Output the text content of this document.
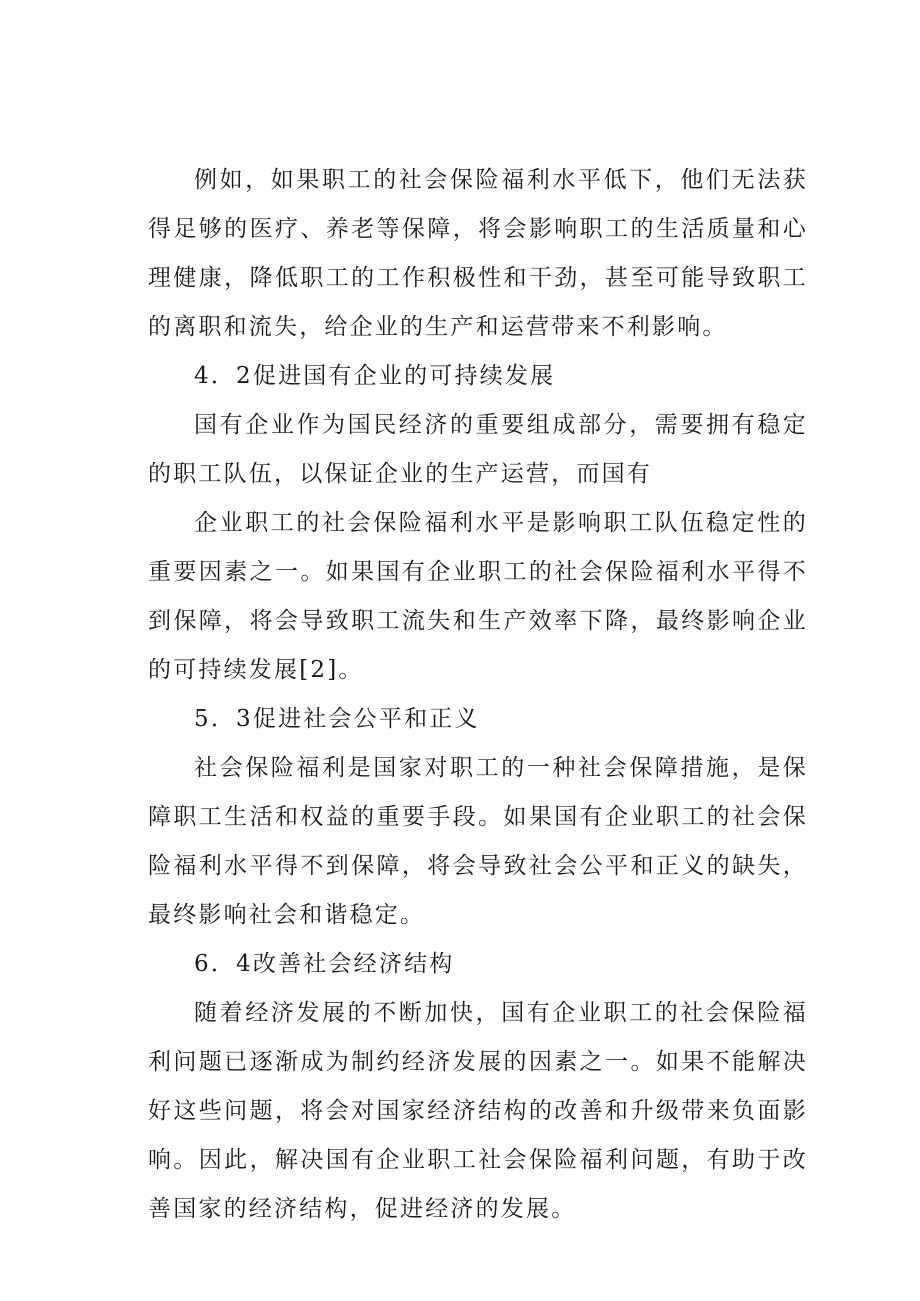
例如，如果职工的社会保险福利水平低下，他们无法获得足够的医疗、养老等保障，将会影响职工的生活质量和心理健康，降低职工的工作积极性和干劲，甚至可能导致职工的离职和流失，给企业的生产和运营带来不利影响。

4．2促进国有企业的可持续发展

国有企业作为国民经济的重要组成部分，需要拥有稳定的职工队伍，以保证企业的生产运营，而国有

企业职工的社会保险福利水平是影响职工队伍稳定性的重要因素之一。如果国有企业职工的社会保险福利水平得不到保障，将会导致职工流失和生产效率下降，最终影响企业的可持续发展[2]。

5．3促进社会公平和正义

社会保险福利是国家对职工的一种社会保障措施，是保障职工生活和权益的重要手段。如果国有企业职工的社会保险福利水平得不到保障，将会导致社会公平和正义的缺失，最终影响社会和谐稳定。

6．4改善社会经济结构

随着经济发展的不断加快，国有企业职工的社会保险福利问题已逐渐成为制约经济发展的因素之一。如果不能解决好这些问题，将会对国家经济结构的改善和升级带来负面影响。因此，解决国有企业职工社会保险福利问题，有助于改善国家的经济结构，促进经济的发展。
